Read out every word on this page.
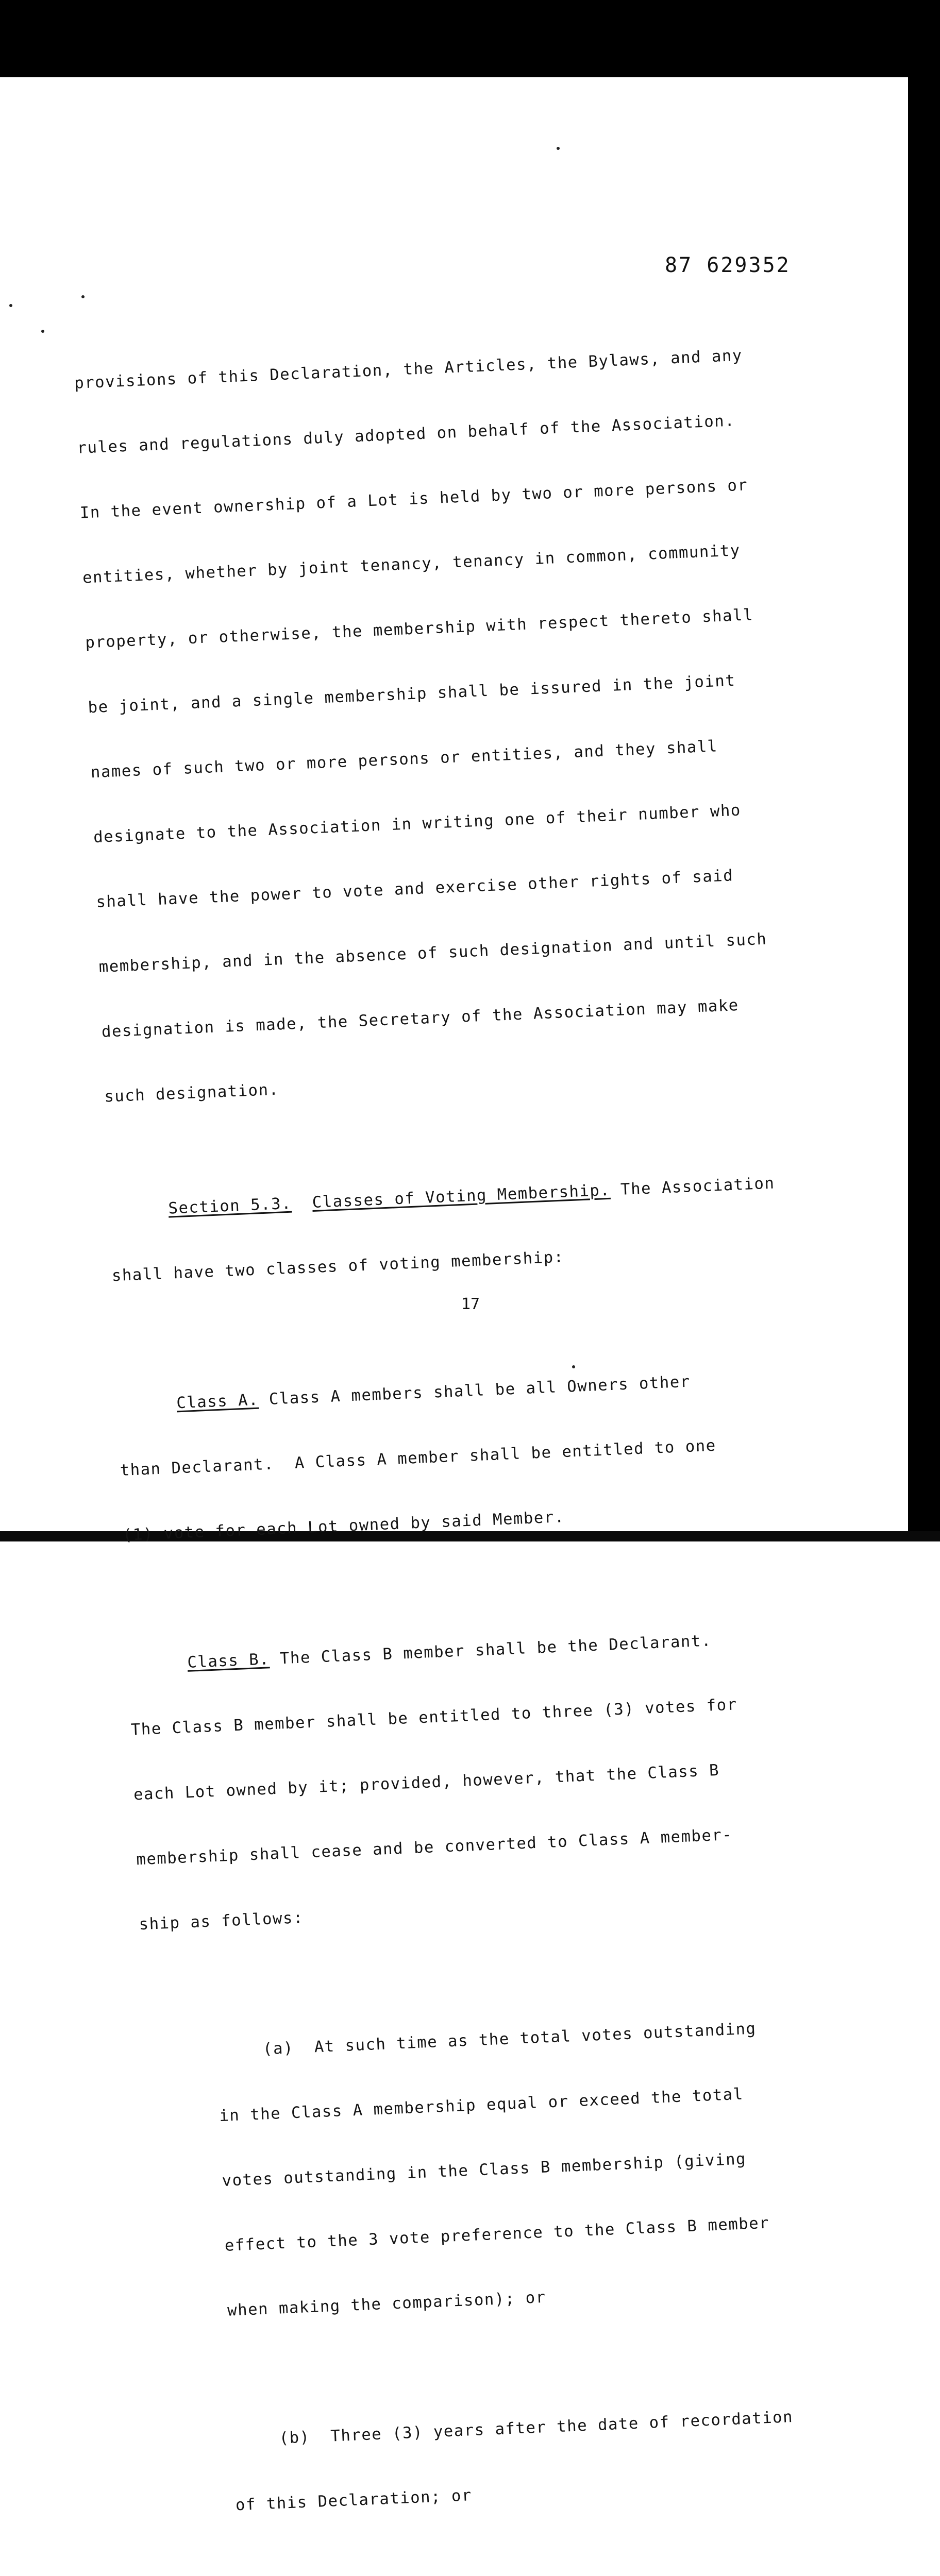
87 629352

provisions of this Declaration, the Articles, the Bylaws, and any

rules and regulations duly adopted on behalf of the Association.

In the event ownership of a Lot is held by two or more persons or

entities, whether by joint tenancy, tenancy in common, community

property, or otherwise, the membership with respect thereto shall

be joint, and a single membership shall be issured in the joint

names of such two or more persons or entities, and they shall

designate to the Association in writing one of their number who

shall have the power to vote and exercise other rights of said

membership, and in the absence of such designation and until such

designation is made, the Secretary of the Association may make

such designation.

Section 5.3. Classes of Voting Membership. The Association

shall have two classes of voting membership:

Class A. Class A members shall be all Owners other

than Declarant.  A Class A member shall be entitled to one

(1) vote for each Lot owned by said Member.

Class B. The Class B member shall be the Declarant.

The Class B member shall be entitled to three (3) votes for

each Lot owned by it; provided, however, that the Class B

membership shall cease and be converted to Class A member-

ship as follows:

(a)  At such time as the total votes outstanding

in the Class A membership equal or exceed the total

votes outstanding in the Class B membership (giving

effect to the 3 vote preference to the Class B member

when making the comparison); or

(b)  Three (3) years after the date of recordation

of this Declaration; or

17
